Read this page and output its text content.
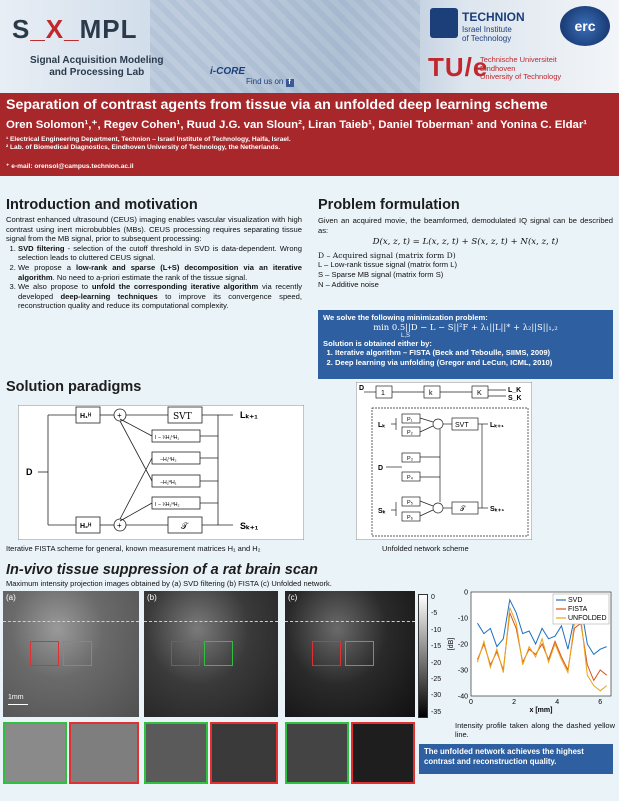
S_X_MPL
Signal Acquisition Modeling
and Processing Lab	i-CORE
Find us on f
TECHNION
Israel Institute
of Technology
erc
TU/e
Technische Universiteit
Eindhoven
University of Technology
Separation of contrast agents from tissue via an unfolded deep learning scheme
Oren Solomon¹,⁺, Regev Cohen¹, Ruud J.G. van Sloun², Liran Taieb¹, Daniel Toberman¹ and Yonina C. Eldar¹
¹ Electrical Engineering Department, Technion – Israel Institute of Technology, Haifa, Israel.
² Lab. of Biomedical Diagnostics, Eindhoven University of Technology, the Netherlands.
⁺ e-mail: orensol@campus.technion.ac.il
Introduction and motivation
Contrast enhanced ultrasound (CEUS) imaging enables vascular visualization with high contrast using inert microbubbles (MBs). CEUS processing requires separating tissue signal from the MB signal, prior to subsequent processing:
1. SVD filtering - selection of the cutoff threshold in SVD is data-dependent. Wrong selection leads to cluttered CEUS signal.
2. We propose a low-rank and sparse (L+S) decomposition via an iterative algorithm. No need to a-priori estimate the rank of the tissue signal.
3. We also propose to unfold the corresponding iterative algorithm via recently developed deep-learning techniques to improve its convergence speed, reconstruction quality and reduce its computational complexity.
Problem formulation
Given an acquired movie, the beamformed, demodulated IQ signal can be described as:
D(x, z, t) = L(x, z, t) + S(x, z, t) + N(x, z, t)
D – Acquired signal (matrix form D)
L – Low-rank tissue signal (matrix form L)
S – Sparse MB signal (matrix form S)
N – Additive noise
We solve the following minimization problem:
min 0.5||D − L − S||²F + λ₁||L||* + λ₂||S||₁,₂
L,S
Solution is obtained either by:
1. Iterative algorithm – FISTA (Beck and Teboulle, SIIMS, 2009)
2. Deep learning via unfolding (Gregor and LeCun, ICML, 2010)
Solution paradigms
D
H₁ᴴ
H₂ᴴ
+
+
SVT
𝒯
I − ¹⁄ₗH₁ᴴH₁
−H₁ᴴH₂
−H₂ᴴH₁
I − ¹⁄ₗH₂ᴴH₂
Lₖ₊₁
Sₖ₊₁
D
1	k	K	L_K
S_K
Lₖ
Sₖ
D
P₁
P₂
P₃
P₄
P₅
P₆
SVT
𝒯
Lₖ₊₁
Sₖ₊₁
Iterative FISTA scheme for general, known measurement matrices H₁ and H₂	Unfolded network scheme
In-vivo tissue suppression of a rat brain scan
Maximum intensity projection images obtained by (a) SVD filtering (b) FISTA (c) Unfolded network.
(a)
1mm
(b)	(c)	0
-5
-10
-15
-20
-25
-30
-35
0
-10
-20
-30
-40
0	2	4	6
[dB]
x [mm]
SVD
FISTA
UNFOLDED
Intensity profile taken along the dashed yellow line.
The unfolded network achieves the highest contrast and reconstruction quality.
